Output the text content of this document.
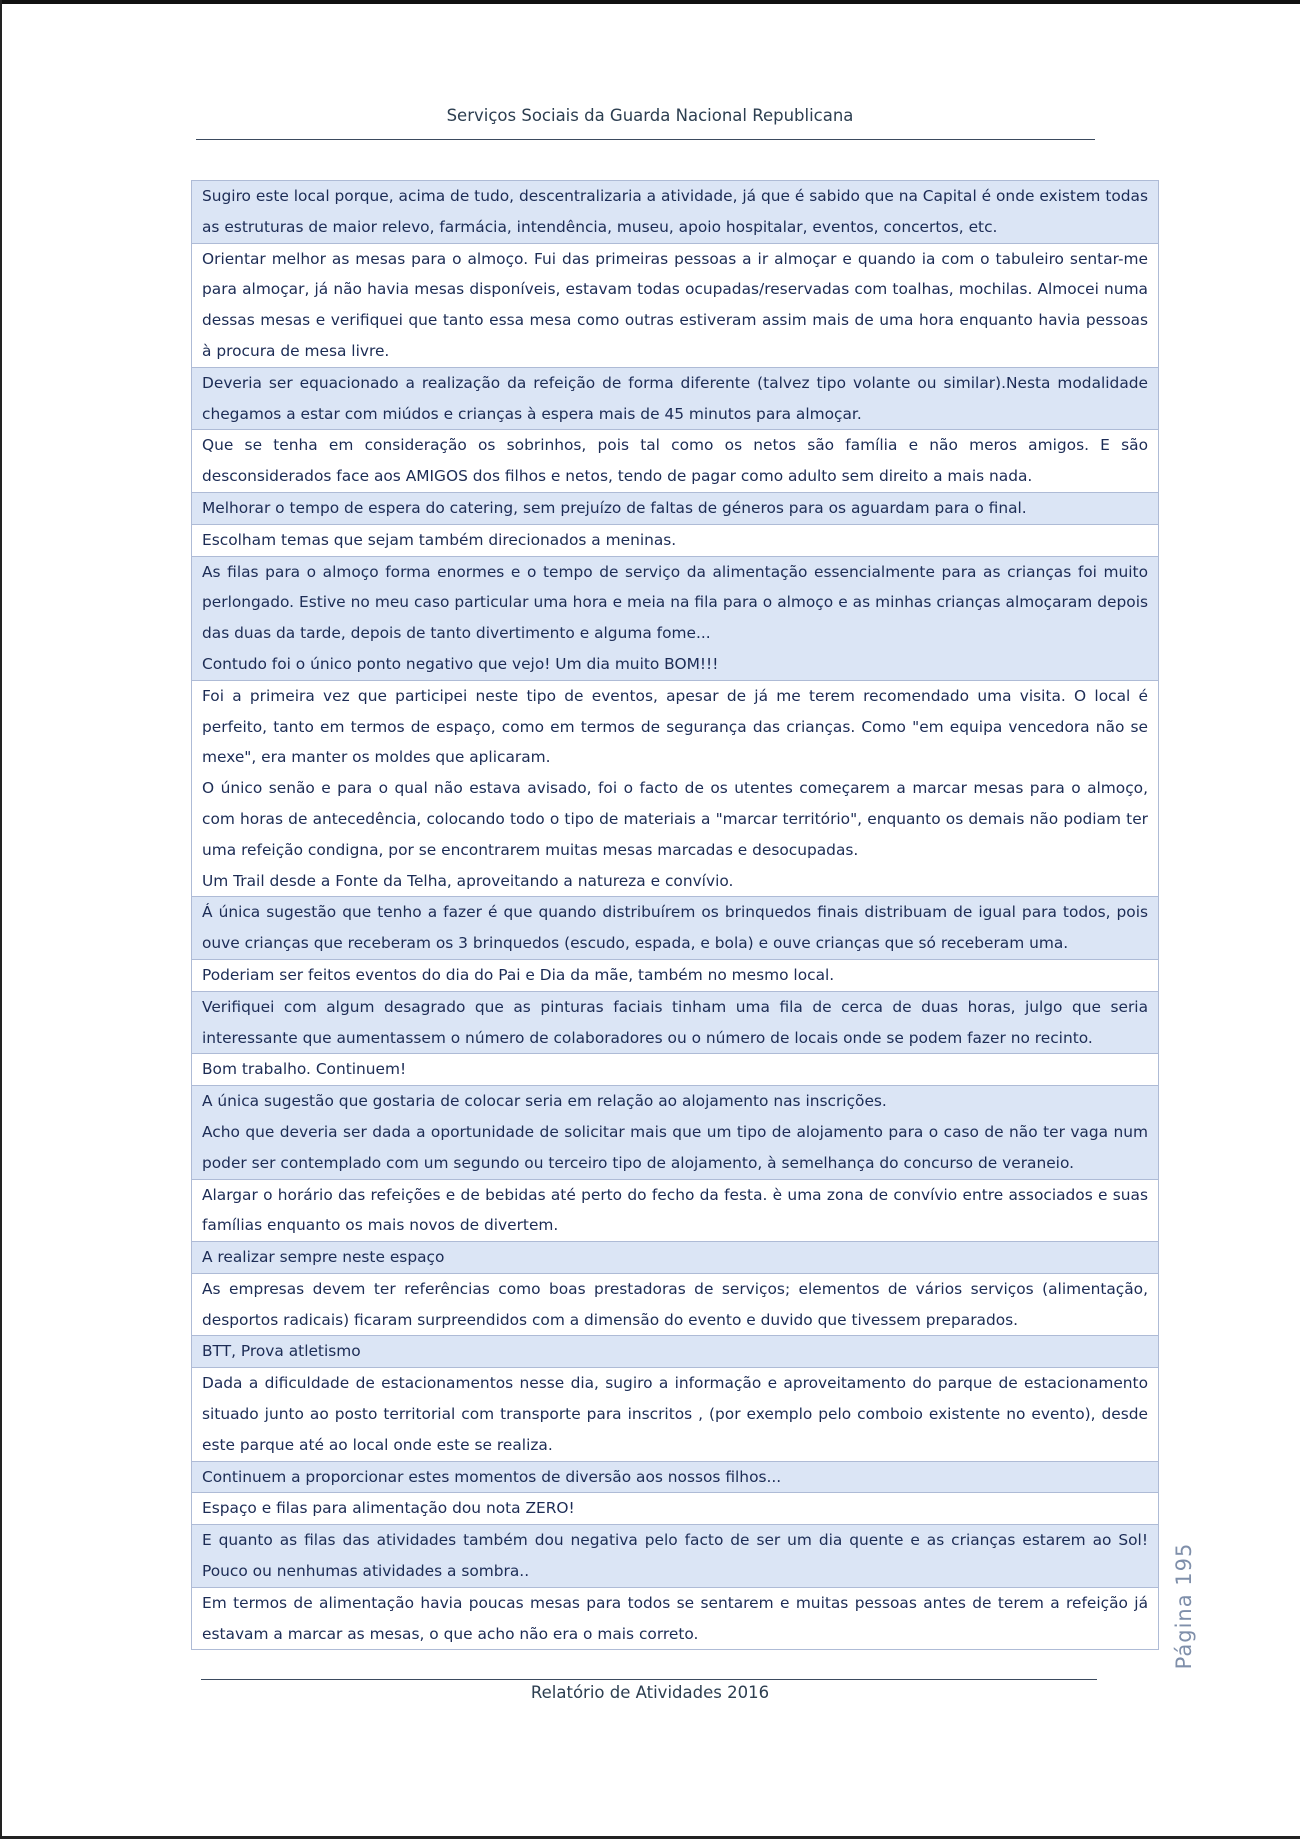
Serviços Sociais da Guarda Nacional Republicana

Sugiro este local porque, acima de tudo, descentralizaria a atividade, já que é sabido que na Capital é onde existem todas as estruturas de maior relevo, farmácia, intendência, museu, apoio hospitalar, eventos, concertos, etc.

Orientar melhor as mesas para o almoço. Fui das primeiras pessoas a ir almoçar e quando ia com o tabuleiro sentar-me para almoçar, já não havia mesas disponíveis, estavam todas ocupadas/reservadas com toalhas, mochilas. Almocei numa dessas mesas e verifiquei que tanto essa mesa como outras estiveram assim mais de uma hora enquanto havia pessoas à procura de mesa livre.

Deveria ser equacionado a realização da refeição de forma diferente (talvez tipo volante ou similar).Nesta modalidade chegamos a estar com miúdos e crianças à espera mais de 45 minutos para almoçar.

Que se tenha em consideração os sobrinhos, pois tal como os netos são família e não meros amigos. E são desconsiderados face aos AMIGOS dos filhos e netos, tendo de pagar como adulto sem direito a mais nada.

Melhorar o tempo de espera do catering, sem prejuízo de faltas de géneros para os aguardam para o final.

Escolham temas que sejam também direcionados a meninas.

As filas para o almoço forma enormes e o tempo de serviço da alimentação essencialmente para as crianças foi muito perlongado. Estive no meu caso particular uma hora e meia na fila para o almoço e as minhas crianças almoçaram depois das duas da tarde, depois de tanto divertimento e alguma fome...

Contudo foi o único ponto negativo que vejo! Um dia muito BOM!!!

Foi a primeira vez que participei neste tipo de eventos, apesar de já me terem recomendado uma visita. O local é perfeito, tanto em termos de espaço, como em termos de segurança das crianças. Como "em equipa vencedora não se mexe", era manter os moldes que aplicaram.

O único senão e para o qual não estava avisado, foi o facto de os utentes começarem a marcar mesas para o almoço, com horas de antecedência, colocando todo o tipo de materiais a "marcar território", enquanto os demais não podiam ter uma refeição condigna, por se encontrarem muitas mesas marcadas e desocupadas.

Um Trail desde a Fonte da Telha, aproveitando a natureza e convívio.

Á única sugestão que tenho a fazer é que quando distribuírem os brinquedos finais distribuam de igual para todos, pois ouve crianças que receberam os 3 brinquedos (escudo, espada, e bola) e ouve crianças que só receberam uma.

Poderiam ser feitos eventos do dia do Pai e Dia da mãe, também no mesmo local.

Verifiquei com algum desagrado que as pinturas faciais tinham uma fila de cerca de duas horas, julgo que seria interessante que aumentassem o número de colaboradores ou o número de locais onde se podem fazer no recinto.

Bom trabalho. Continuem!

A única sugestão que gostaria de colocar seria em relação ao alojamento nas inscrições.

Acho que deveria ser dada a oportunidade de solicitar mais que um tipo de alojamento para o caso de não ter vaga num poder ser contemplado com um segundo ou terceiro tipo de alojamento, à semelhança do concurso de veraneio.

Alargar o horário das refeições e de bebidas até perto do fecho da festa. è uma zona de convívio entre associados e suas famílias enquanto os mais novos de divertem.

A realizar sempre neste espaço

As empresas devem ter referências como boas prestadoras de serviços; elementos de vários serviços (alimentação, desportos radicais) ficaram surpreendidos com a dimensão do evento e duvido que tivessem preparados.

BTT, Prova atletismo

Dada a dificuldade de estacionamentos nesse dia, sugiro a informação e aproveitamento do parque de estacionamento situado junto ao posto territorial com transporte para inscritos , (por exemplo pelo comboio existente no evento), desde este parque até ao local onde este se realiza.

Continuem a proporcionar estes momentos de diversão aos nossos filhos...

Espaço e filas para alimentação dou nota ZERO!

E quanto as filas das atividades também dou negativa pelo facto de ser um dia quente e as crianças estarem ao Sol! Pouco ou nenhumas atividades a sombra..

Em termos de alimentação havia poucas mesas para todos se sentarem e muitas pessoas antes de terem a refeição já estavam a marcar as mesas, o que acho não era o mais correto.

Relatório de Atividades 2016
Página 195
